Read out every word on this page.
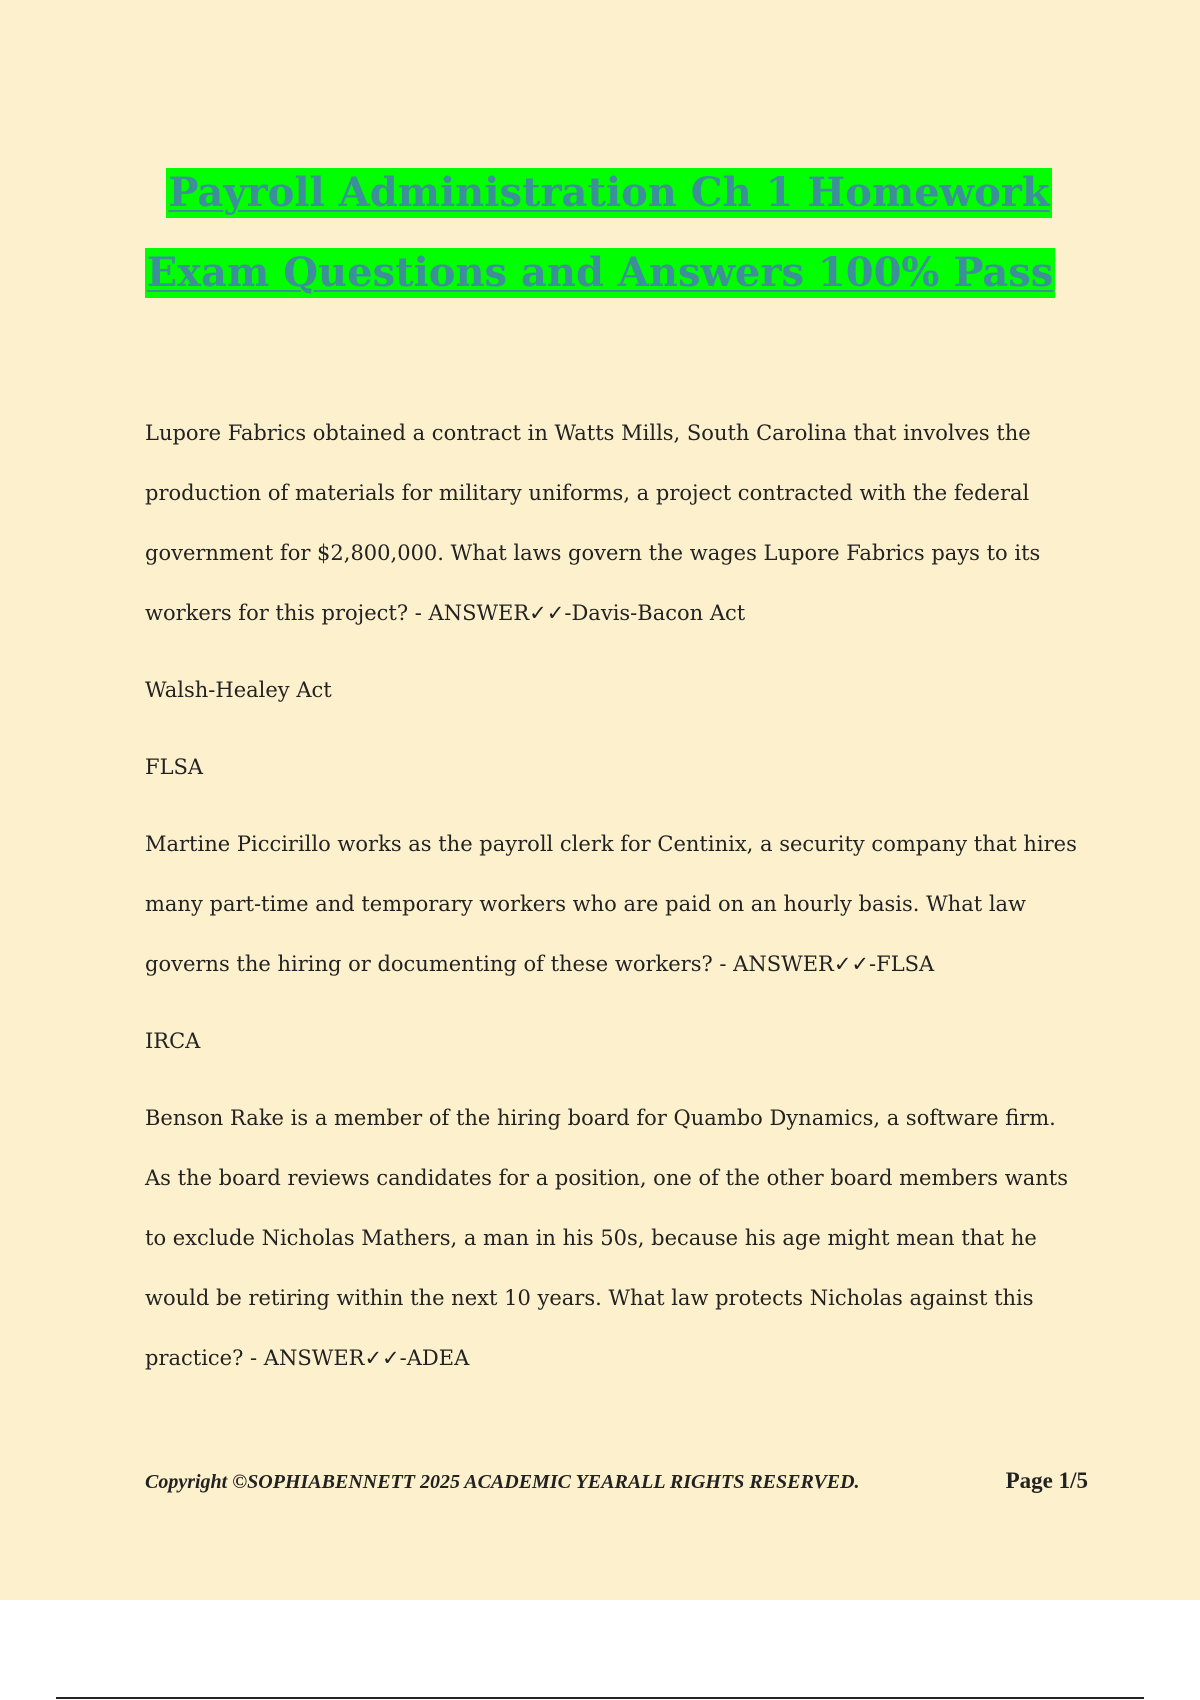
Payroll Administration Ch 1 Homework
Exam Questions and Answers 100% Pass

Lupore Fabrics obtained a contract in Watts Mills, South Carolina that involves the production of materials for military uniforms, a project contracted with the federal government for $2,800,000. What laws govern the wages Lupore Fabrics pays to its workers for this project? - ANSWER✓✓-Davis-Bacon Act

Walsh-Healey Act

FLSA

Martine Piccirillo works as the payroll clerk for Centinix, a security company that hires many part-time and temporary workers who are paid on an hourly basis. What law governs the hiring or documenting of these workers? - ANSWER✓✓-FLSA

IRCA

Benson Rake is a member of the hiring board for Quambo Dynamics, a software firm. As the board reviews candidates for a position, one of the other board members wants to exclude Nicholas Mathers, a man in his 50s, because his age might mean that he would be retiring within the next 10 years. What law protects Nicholas against this practice? - ANSWER✓✓-ADEA

Copyright ©SOPHIABENNETT 2025 ACADEMIC YEARALL RIGHTS RESERVED.	Page 1/5
